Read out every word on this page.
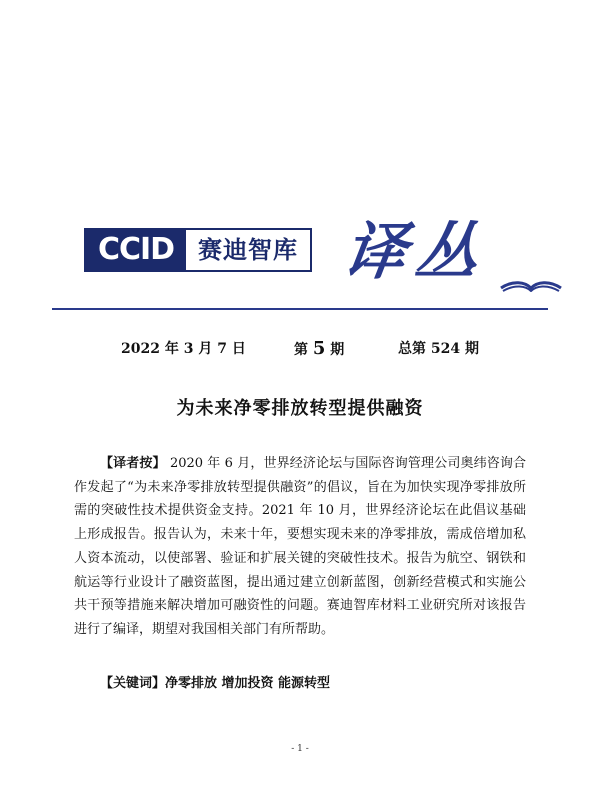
CCID 赛迪智库 译丛
2022 年 3 月 7 日	第 5 期	总第 524 期
为未来净零排放转型提供融资
【译者按】 2020 年 6 月，世界经济论坛与国际咨询管理公司奥纬咨询合作发起了“为未来净零排放转型提供融资”的倡议，旨在为加快实现净零排放所需的突破性技术提供资金支持。2021 年 10 月，世界经济论坛在此倡议基础上形成报告。报告认为，未来十年，要想实现未来的净零排放，需成倍增加私人资本流动，以使部署、验证和扩展关键的突破性技术。报告为航空、钢铁和航运等行业设计了融资蓝图，提出通过建立创新蓝图，创新经营模式和实施公共干预等措施来解决增加可融资性的问题。赛迪智库材料工业研究所对该报告进行了编译，期望对我国相关部门有所帮助。
【关键词】净零排放 增加投资 能源转型
- 1 -
